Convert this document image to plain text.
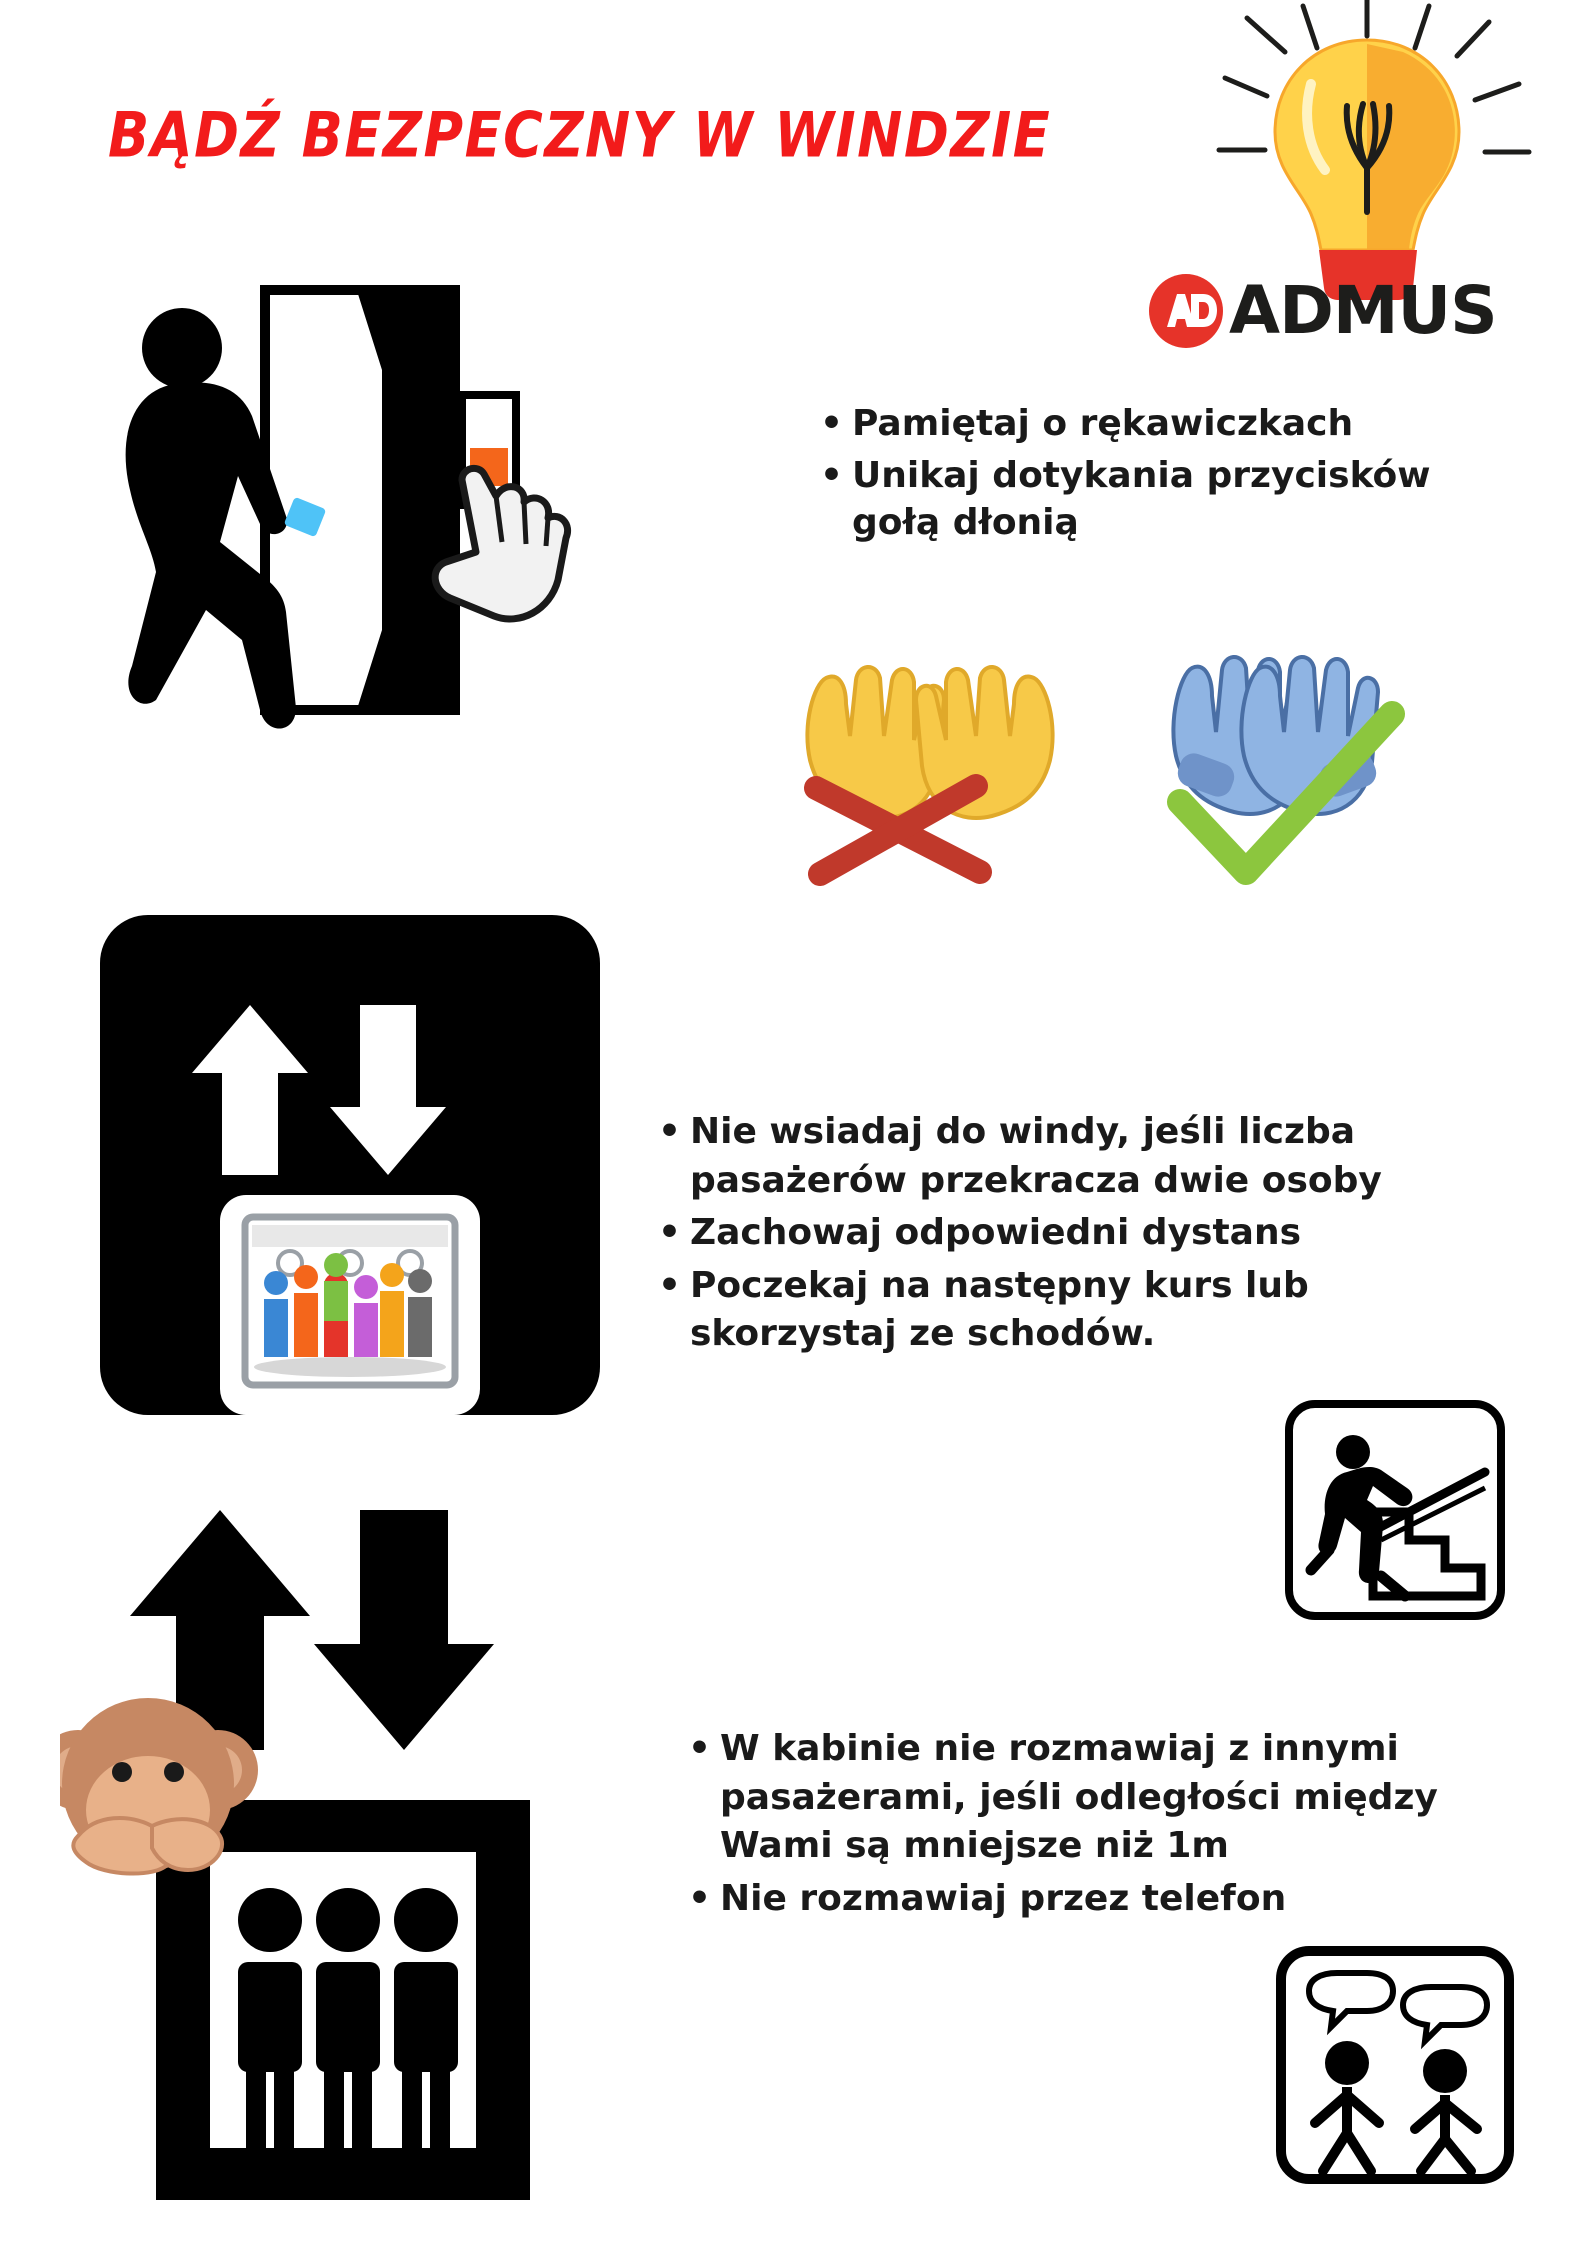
BĄDŹ BEZPECZNY W WINDZIE
ADMUS
• Pamiętaj o rękawiczkach
• Unikaj dotykania przycisków gołą dłonią
• Nie wsiadaj do windy, jeśli liczba pasażerów przekracza dwie osoby
• Zachowaj odpowiedni dystans
• Poczekaj na następny kurs lub skorzystaj ze schodów.
• W kabinie nie rozmawiaj z innymi pasażerami, jeśli odległości między Wami są mniejsze niż 1m
• Nie rozmawiaj przez telefon
